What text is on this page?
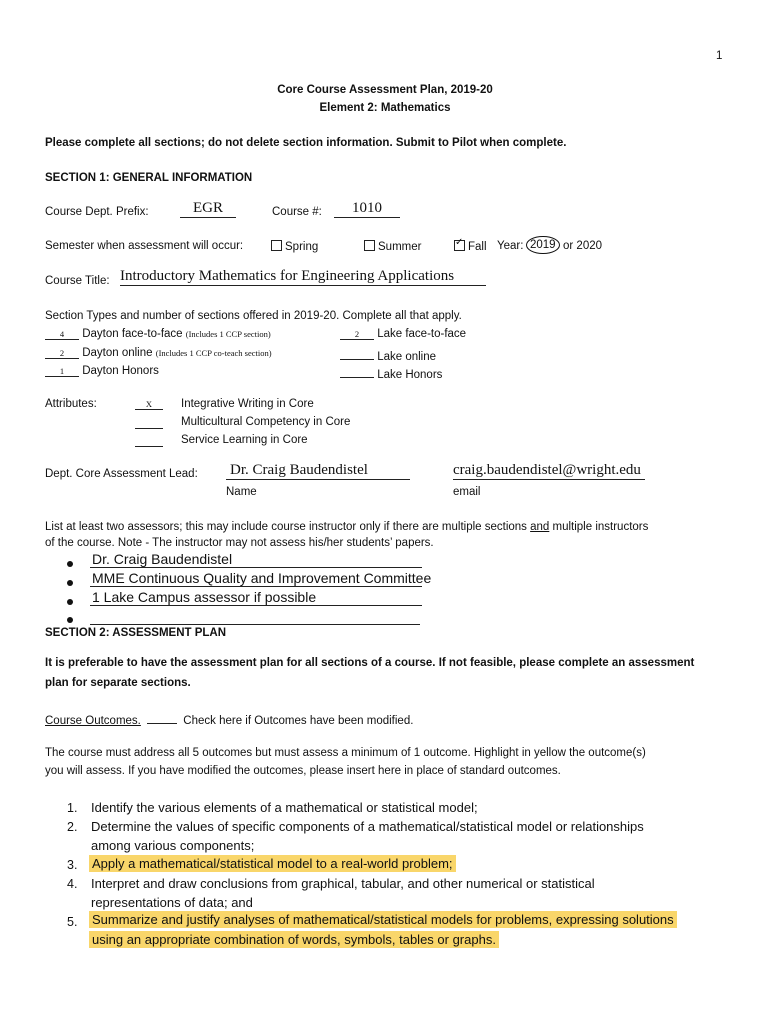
1
Core Course Assessment Plan, 2019-20
Element 2: Mathematics
Please complete all sections; do not delete section information. Submit to Pilot when complete.
SECTION 1: GENERAL INFORMATION
Course Dept. Prefix:	EGR	Course #:	1010
Semester when assessment will occur:	Spring	Summer
✓	Fall Year: 2019 or 2020
Course Title: Introductory Mathematics for Engineering Applications
Section Types and number of sections offered in 2019-20. Complete all that apply.
4 Dayton face-to-face (Includes 1 CCP section)	2 Lake face-to-face
2 Dayton online (Includes 1 CCP co-teach section)	Lake online
1 Dayton Honors	Lake Honors
Attributes:	X	Integrative Writing in Core
Multicultural Competency in Core
Service Learning in Core
Dept. Core Assessment Lead: Dr. Craig Baudendistel	craig.baudendistel@wright.edu
Name	email
List at least two assessors; this may include course instructor only if there are multiple sections and multiple instructors
of the course. Note - The instructor may not assess his/her students’ papers.
Dr. Craig Baudendistel
MME Continuous Quality and Improvement Committee
1 Lake Campus assessor if possible
SECTION 2: ASSESSMENT PLAN
It is preferable to have the assessment plan for all sections of a course. If not feasible, please complete an assessment
plan for separate sections.
Course Outcomes.	Check here if Outcomes have been modified.
The course must address all 5 outcomes but must assess a minimum of 1 outcome. Highlight in yellow the outcome(s)
you will assess. If you have modified the outcomes, please insert here in place of standard outcomes.
1. Identify the various elements of a mathematical or statistical model;
2. Determine the values of specific components of a mathematical/statistical model or relationships
among various components;
3. Apply a mathematical/statistical model to a real-world problem;
4. Interpret and draw conclusions from graphical, tabular, and other numerical or statistical
representations of data; and
5. Summarize and justify analyses of mathematical/statistical models for problems, expressing solutions
using an appropriate combination of words, symbols, tables or graphs.
